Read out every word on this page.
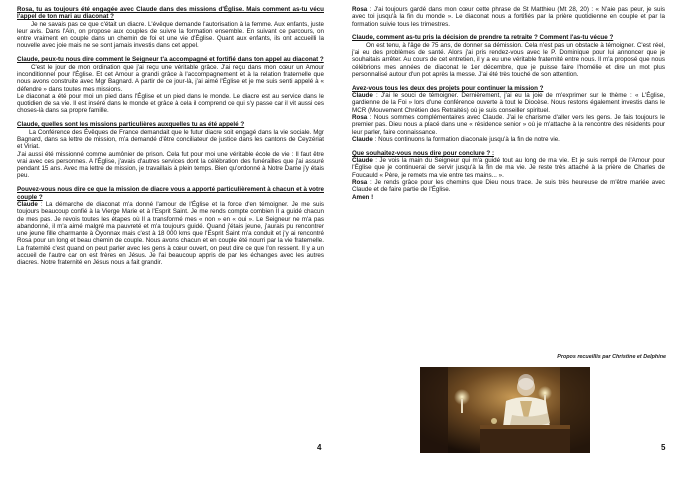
Rosa, tu as toujours été engagée avec Claude dans des missions d'Église. Mais comment as-tu vécu l'appel de ton mari au diaconat ?

Je ne savais pas ce que c'était un diacre. L'évêque demande l'autorisation à la femme. Aux enfants, juste leur avis. Dans l'Ain, on propose aux couples de suivre la formation ensemble. En suivant ce parcours, on entre vraiment en couple dans un chemin de foi et une vie d'Église. Quant aux enfants, ils ont accueilli la nouvelle avec joie mais ne se sont jamais investis dans cet appel.

Claude, peux-tu nous dire comment le Seigneur t'a accompagné et fortifié dans ton appel au diaconat ?

C'est le jour de mon ordination que j'ai reçu une véritable grâce. J'ai reçu dans mon cœur un Amour inconditionnel pour l'Église. Et cet Amour a grandi grâce à l'accompagnement et à la relation fraternelle que nous avons construite avec Mgr Bagnard. A partir de ce jour-là, j'ai aimé l'Église et je me suis senti appelé à « défendre » dans toutes mes missions.

Le diaconat a été pour moi un pied dans l'Église et un pied dans le monde. Le diacre est au service dans le quotidien de sa vie. Il est inséré dans le monde et grâce à cela il comprend ce qui s'y passe car il vit aussi ces choses-là dans sa propre famille.

Claude, quelles sont les missions particulières auxquelles tu as été appelé ?

La Conférence des Évêques de France demandait que le futur diacre soit engagé dans la vie sociale. Mgr Bagnard, dans sa lettre de mission, m'a demandé d'être conciliateur de justice dans les cantons de Ceyzériat et Viriat.

J'ai aussi été missionné comme aumônier de prison. Cela fut pour moi une véritable école de vie : Il faut être vrai avec ces personnes. A l'Église, j'avais d'autres services dont la célébration des funérailles que j'ai assuré pendant 15 ans. Avec ma lettre de mission, je travaillais à plein temps. Bien qu'ordonné à Notre Dame j'y étais peu.

Pouvez-vous nous dire ce que la mission de diacre vous a apporté particulièrement à chacun et à votre couple ?

Claude : La démarche de diaconat m'a donné l'amour de l'Église et la force d'en témoigner. Je me suis toujours beaucoup confié à la Vierge Marie et à l'Esprit Saint. Je me rends compte combien Il a guidé chacun de mes pas. Je revois toutes les étapes où Il a transformé mes « non » en « oui ». Le Seigneur ne m'a pas abandonné, il m'a aimé malgré ma pauvreté et m'a toujours guidé. Quand j'étais jeune, j'aurais pu rencontrer une jeune fille charmante à Oyonnax mais c'est à 18 000 kms que l'Esprit Saint m'a conduit et j'y ai rencontré Rosa pour un long et beau chemin de couple. Nous avons chacun et en couple été nourri par la vie fraternelle. La fraternité c'est quand on peut parler avec les gens à cœur ouvert, on peut dire ce que l'on ressent. Il y a un accueil de l'autre car on est frères en Jésus. Je l'ai beaucoup appris de par les échanges avec les autres diacres. Notre fraternité en Jésus nous a fait grandir.

4

Rosa : J'ai toujours gardé dans mon cœur cette phrase de St Matthieu (Mt 28, 20) : « N'aie pas peur, je suis avec toi jusqu'à la fin du monde ». Le diaconat nous a fortifiés par la prière quotidienne en couple et par la formation suivie tous les trimestres.

Claude, comment as-tu pris la décision de prendre ta retraite ? Comment l'as-tu vécue ?

On est tenu, à l'âge de 75 ans, de donner sa démission. Cela n'est pas un obstacle à témoigner. C'est réel, j'ai eu des problèmes de santé. Alors j'ai pris rendez-vous avec le P. Dominique pour lui annoncer que je souhaitais arrêter. Au cours de cet entretien, il y a eu une véritable fraternité entre nous. Il m'a proposé que nous célébrions mes années de diaconat le 1er décembre, que je puisse faire l'homélie et dire un mot plus personnalisé autour d'un pot après la messe. J'ai été très touché de son attention.

Avez-vous tous les deux des projets pour continuer la mission ?

Claude : J'ai le souci de témoigner. Dernièrement, j'ai eu la joie de m'exprimer sur le thème : « L'Église, gardienne de la Foi » lors d'une conférence ouverte à tout le Diocèse. Nous restons également investis dans le MCR (Mouvement Chrétien des Retraités) où je suis conseiller spirituel.

Rosa : Nous sommes complémentaires avec Claude. J'ai le charisme d'aller vers les gens. Je fais toujours le premier pas. Dieu nous a placé dans une « résidence senior » où je m'attache à la rencontre des résidents pour leur parler, faire connaissance.

Claude : Nous continuons la formation diaconale jusqu'à la fin de notre vie.

Que souhaitez-vous nous dire pour conclure ? :

Claude : Je vois la main du Seigneur qui m'a guidé tout au long de ma vie. Et je suis rempli de l'Amour pour l'Église que je continuerai de servir jusqu'à la fin de ma vie. Je reste très attaché à la prière de Charles de Foucauld « Père, je remets ma vie entre tes mains... ».

Rosa : Je rends grâce pour les chemins que Dieu nous trace. Je suis très heureuse de m'être mariée avec Claude et de faire partie de l'Église.

Amen !

Propos recueillis par Christine et Delphine
5
